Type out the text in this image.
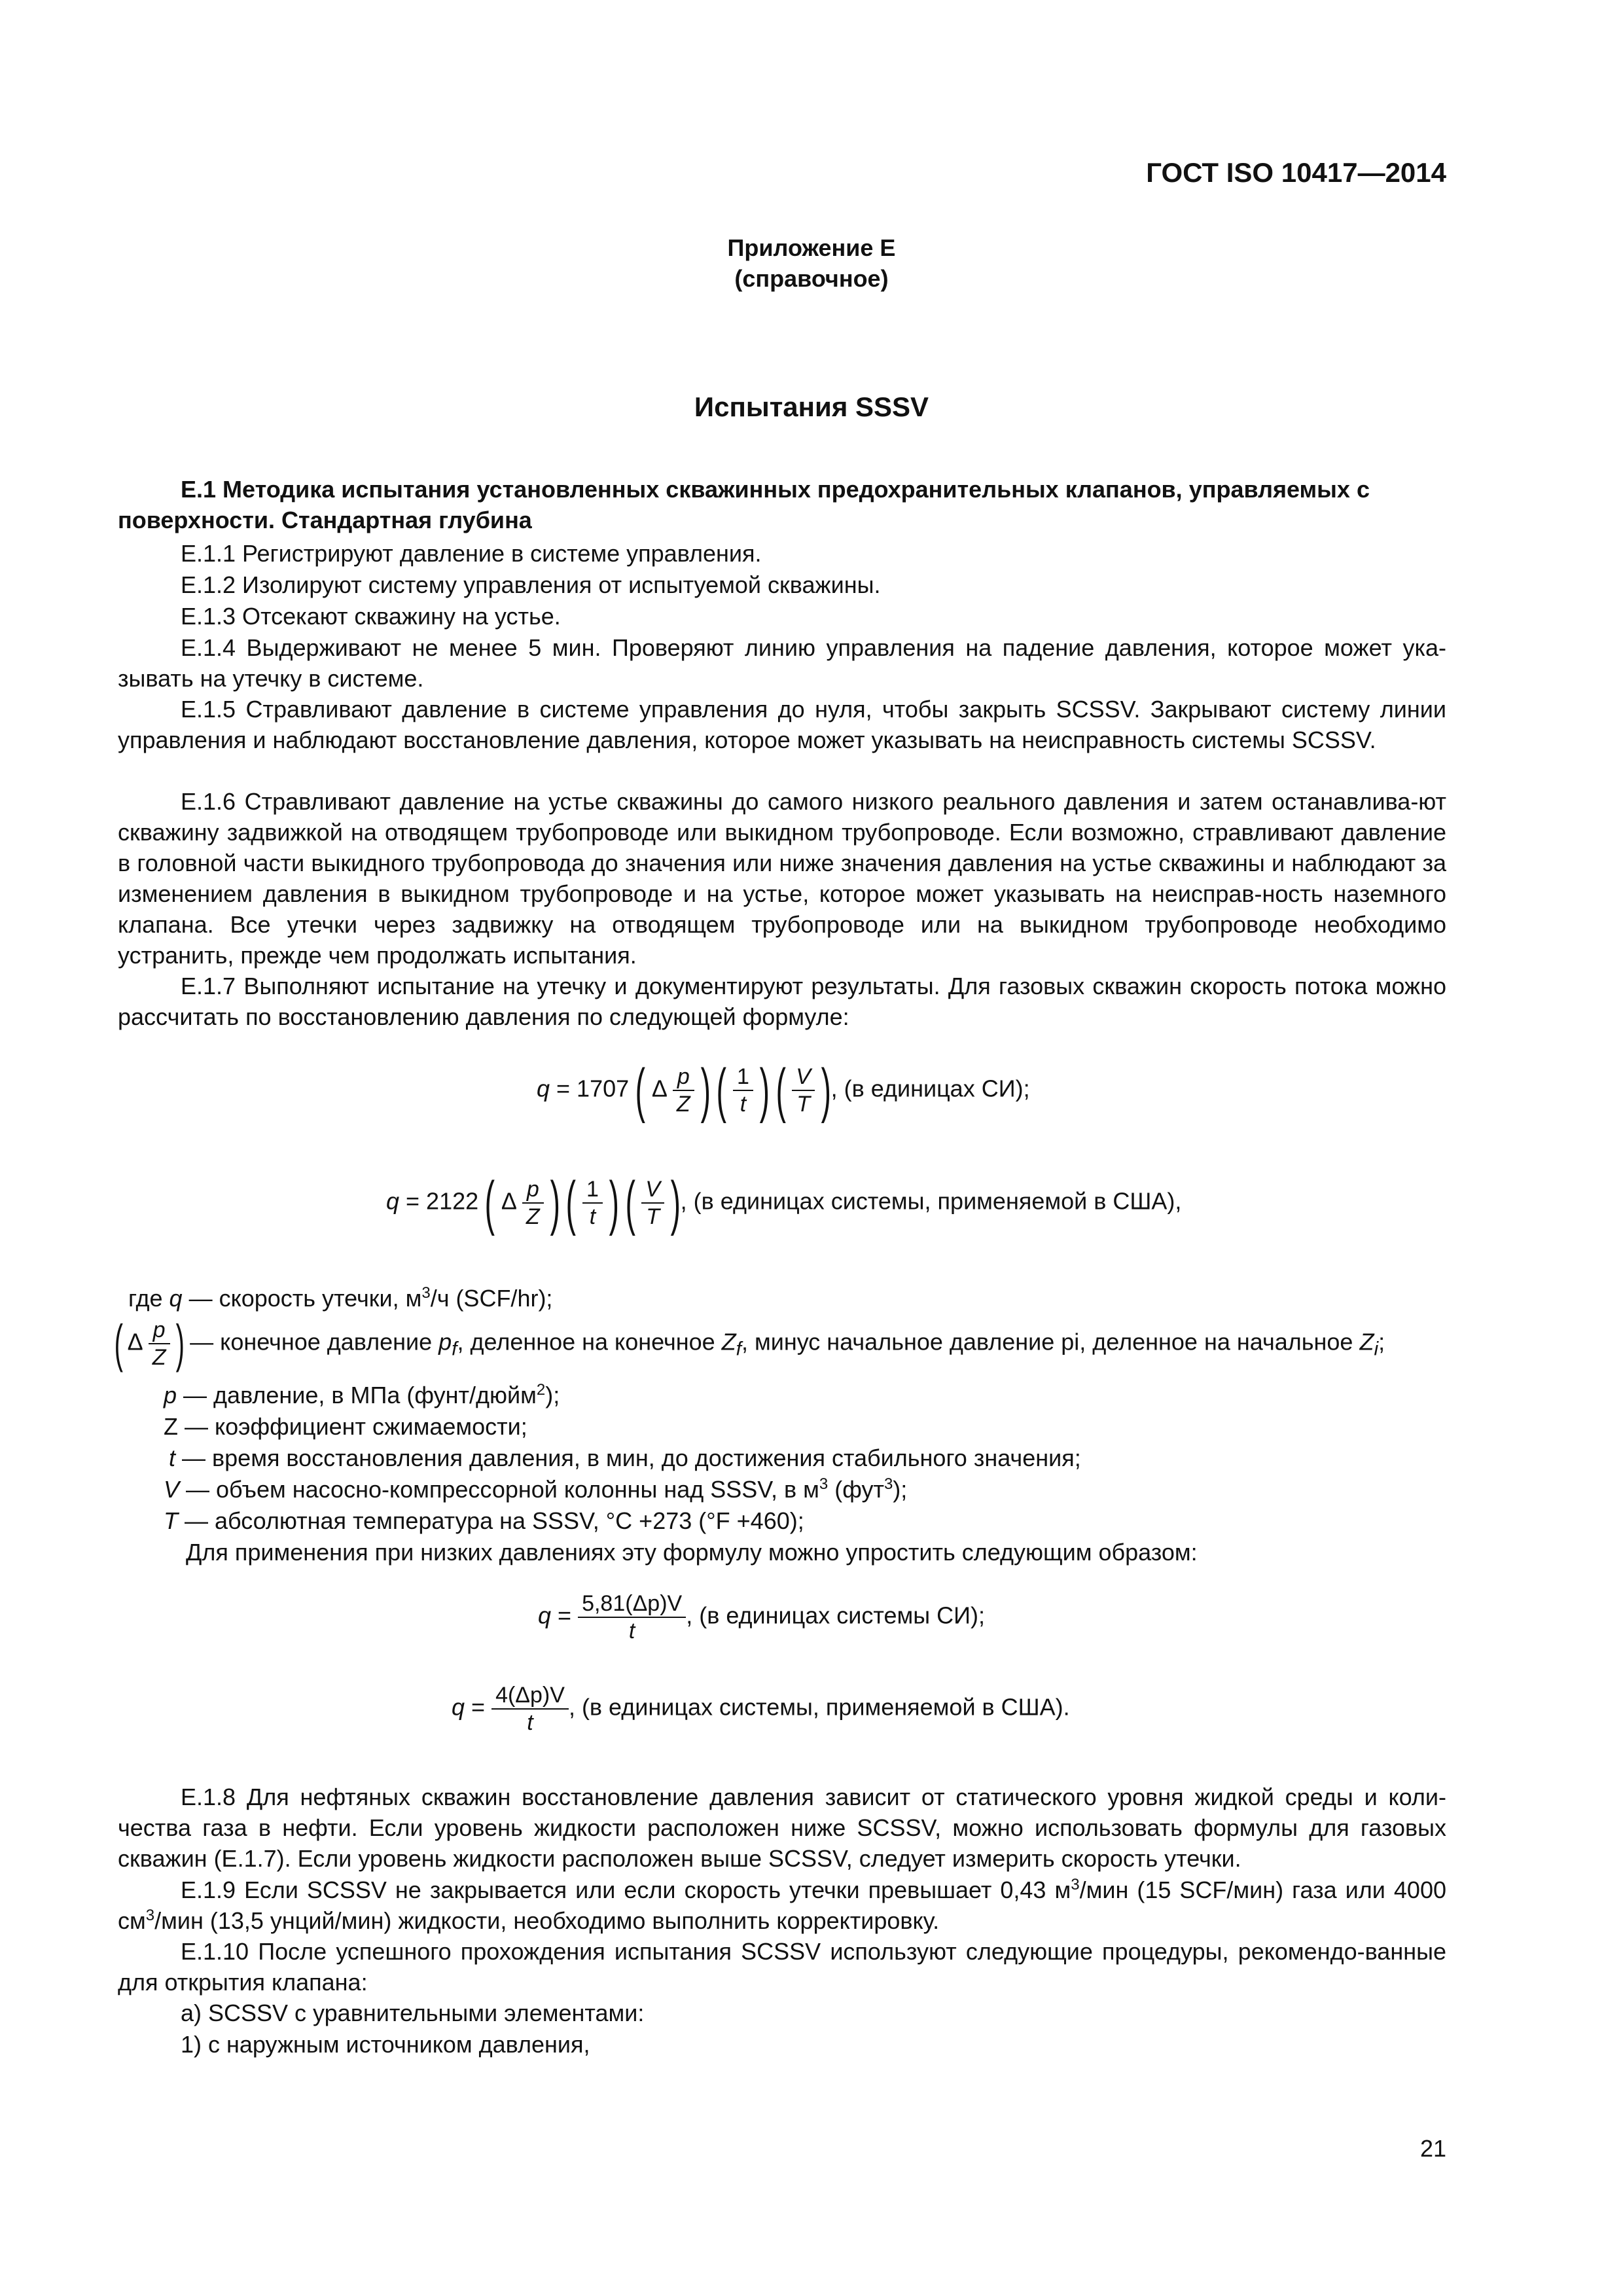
ГОСТ ISO 10417—2014
Приложение Е
(справочное)
Испытания SSSV
Е.1 Методика испытания установленных скважинных предохранительных клапанов, управляемых с поверхности. Стандартная глубина
Е.1.1 Регистрируют давление в системе управления.
Е.1.2 Изолируют систему управления от испытуемой скважины.
Е.1.3 Отсекают скважину на устье.
Е.1.4 Выдерживают не менее 5 мин. Проверяют линию управления на падение давления, которое может ука-зывать на утечку в системе.
Е.1.5 Стравливают давление в системе управления до нуля, чтобы закрыть SCSSV. Закрывают систему линии управления и наблюдают восстановление давления, которое может указывать на неисправность системы SCSSV.
Е.1.6 Стравливают давление на устье скважины до самого низкого реального давления и затем останавлива-ют скважину задвижкой на отводящем трубопроводе или выкидном трубопроводе. Если возможно, стравливают давление в головной части выкидного трубопровода до значения или ниже значения давления на устье скважины и наблюдают за изменением давления в выкидном трубопроводе и на устье, которое может указывать на неисправ-ность наземного клапана. Все утечки через задвижку на отводящем трубопроводе или на выкидном трубопроводе необходимо устранить, прежде чем продолжать испытания.
Е.1.7 Выполняют испытание на утечку и документируют результаты. Для газовых скважин скорость потока можно рассчитать по восстановлению давления по следующей формуле:
q = 1707 ( Δ $\frac{p}{Z}$ ) ( $\frac{1}{t}$ ) ( $\frac{V}{T}$ ), (в единицах СИ);
q = 2122 ( Δ $\frac{p}{Z}$ ) ( $\frac{1}{t}$ ) ( $\frac{V}{T}$ ), (в единицах системы, применяемой в США),
где q — скорость утечки, $м^3/ч$ (SCF/hr);
( Δ $\frac{p}{Z}$ ) — конечное давление $p_f$, деленное на конечное $Z_f$, минус начальное давление pi, деленное на начальное $Z_i$;
p — давление, в МПа (фунт/дюйм$^2$);
Z — коэффициент сжимаемости;
t — время восстановления давления, в мин, до достижения стабильного значения;
V — объем насосно-компрессорной колонны над SSSV, в $м^3$ (фут$^3$);
T — абсолютная температура на SSSV, °С +273 (°F +460);
Для применения при низких давлениях эту формулу можно упростить следующим образом:
$q = \frac{5,81(\Delta p)V}{t}$ , (в единицах системы СИ);
$q = \frac{4(\Delta p)V}{t}$ , (в единицах системы, применяемой в США).
Е.1.8 Для нефтяных скважин восстановление давления зависит от статического уровня жидкой среды и коли-чества газа в нефти. Если уровень жидкости расположен ниже SCSSV, можно использовать формулы для газовых скважин (Е.1.7). Если уровень жидкости расположен выше SCSSV, следует измерить скорость утечки.
Е.1.9 Если SCSSV не закрывается или если скорость утечки превышает 0,43 $м^3$/мин (15 SCF/мин) газа или 4000 $см^3$/мин (13,5 унций/мин) жидкости, необходимо выполнить корректировку.
Е.1.10 После успешного прохождения испытания SCSSV используют следующие процедуры, рекомендо-ванные для открытия клапана:
а) SCSSV с уравнительными элементами:
1) с наружным источником давления,
21
